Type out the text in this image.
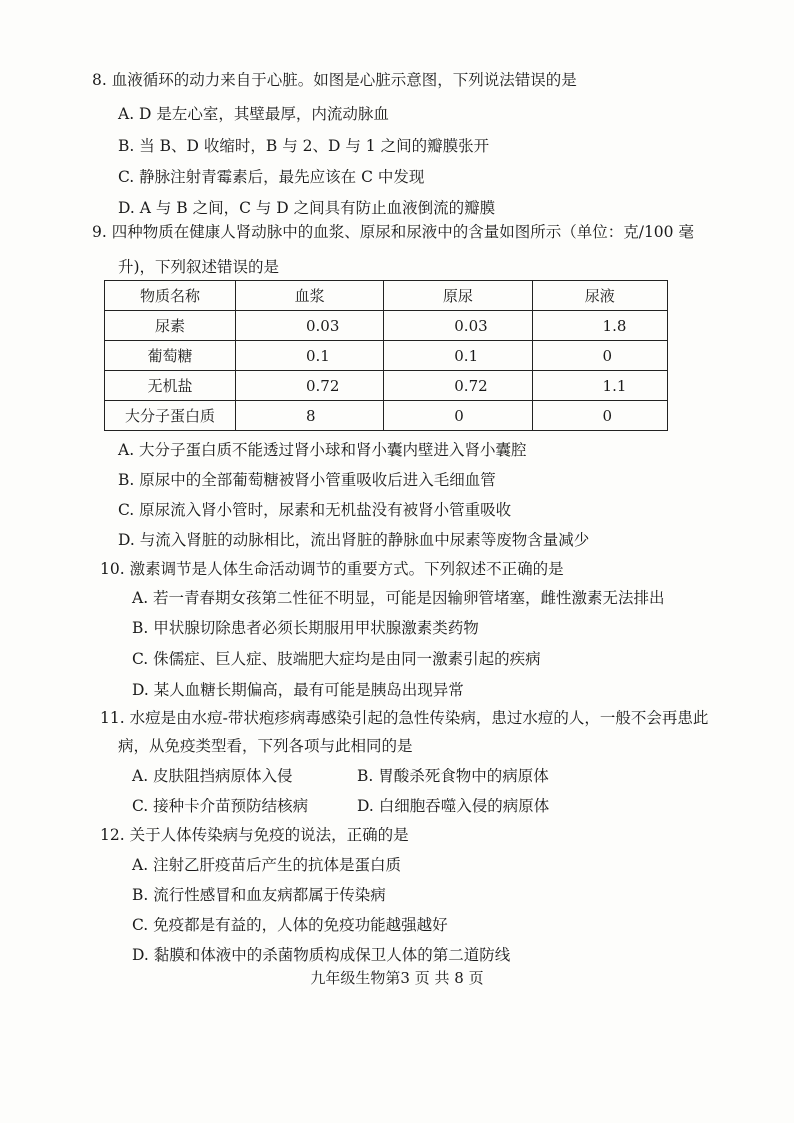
8. 血液循环的动力来自于心脏。如图是心脏示意图，下列说法错误的是
A. D 是左心室，其壁最厚，内流动脉血
B. 当 B、D 收缩时，B 与 2、D 与 1 之间的瓣膜张开
C. 静脉注射青霉素后，最先应该在 C 中发现
D. A 与 B 之间，C 与 D 之间具有防止血液倒流的瓣膜
9. 四种物质在健康人肾动脉中的血浆、原尿和尿液中的含量如图所示（单位：克/100 毫
升)，下列叙述错误的是
物质名称	血浆	原尿	尿液
尿素	0.03	0.03	1.8
葡萄糖	0.1	0.1	0
无机盐	0.72	0.72	1.1
大分子蛋白质	8	0	0
A. 大分子蛋白质不能透过肾小球和肾小囊内壁进入肾小囊腔
B. 原尿中的全部葡萄糖被肾小管重吸收后进入毛细血管
C. 原尿流入肾小管时，尿素和无机盐没有被肾小管重吸收
D. 与流入肾脏的动脉相比，流出肾脏的静脉血中尿素等废物含量减少
10. 激素调节是人体生命活动调节的重要方式。下列叙述不正确的是
A. 若一青春期女孩第二性征不明显，可能是因输卵管堵塞，雌性激素无法排出
B. 甲状腺切除患者必须长期服用甲状腺激素类药物
C. 侏儒症、巨人症、肢端肥大症均是由同一激素引起的疾病
D. 某人血糖长期偏高，最有可能是胰岛出现异常
11. 水痘是由水痘-带状疱疹病毒感染引起的急性传染病，患过水痘的人，一般不会再患此
病，从免疫类型看，下列各项与此相同的是
A. 皮肤阻挡病原体入侵	B. 胃酸杀死食物中的病原体
C. 接种卡介苗预防结核病	D. 白细胞吞噬入侵的病原体
12. 关于人体传染病与免疫的说法，正确的是
A. 注射乙肝疫苗后产生的抗体是蛋白质
B. 流行性感冒和血友病都属于传染病
C. 免疫都是有益的，人体的免疫功能越强越好
D. 黏膜和体液中的杀菌物质构成保卫人体的第二道防线
九年级生物第3 页 共 8 页
